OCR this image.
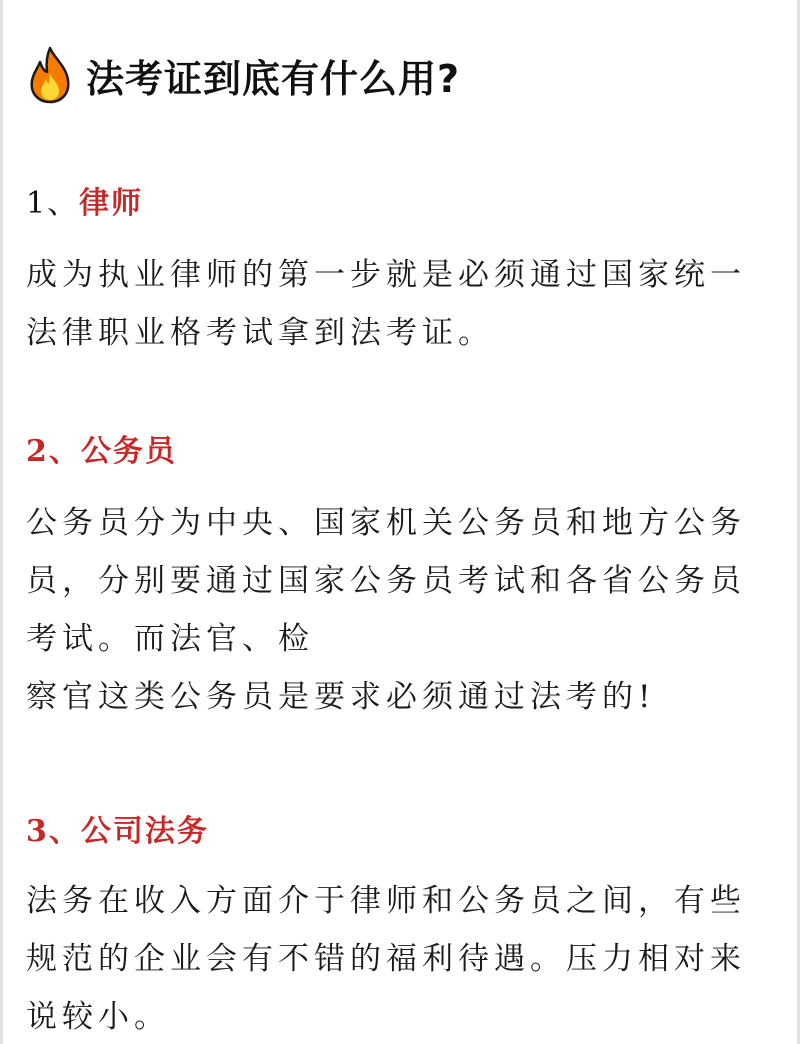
法考证到底有什么用?
1、律师
成为执业律师的第一步就是必须通过国家统一
法律职业格考试拿到法考证。
2、公务员
公务员分为中央、国家机关公务员和地方公务
员，分别要通过国家公务员考试和各省公务员
考试。而法官、检
察官这类公务员是要求必须通过法考的!
3、公司法务
法务在收入方面介于律师和公务员之间，有些
规范的企业会有不错的福利待遇。压力相对来
说较小。
